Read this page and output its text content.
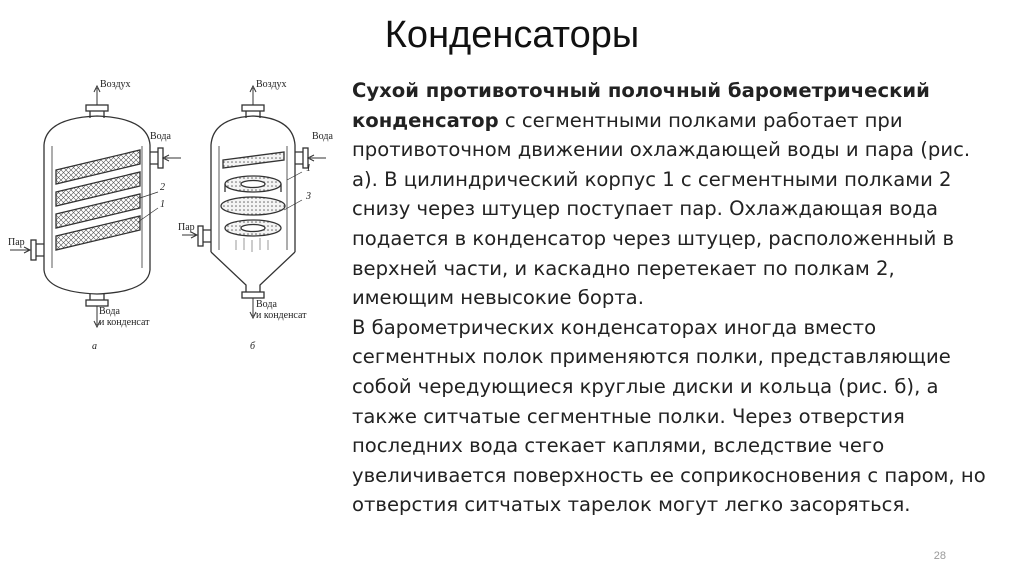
Конденсаторы
Воздух
Вода
2
1
Пар
Вода
и конденсат
а
Воздух
Вода
1
3
Пар
Вода
и конденсат
б

Сухой противоточный полочный барометрический конденсатор с сегментными полками работает при противоточном движении охлаждающей воды и пара (рис. а). В цилиндрический корпус 1 с сегментными полками 2 снизу через штуцер поступает пар. Охлаждающая вода подается в конденсатор через штуцер, расположенный в верхней части, и каскадно перетекает по полкам 2, имеющим невысокие борта.

В барометрических конденсаторах иногда вместо сегментных полок применяются полки, представляющие собой чередующиеся круглые диски и кольца (рис. б), а также ситчатые сегментные полки. Через отверстия последних вода стекает каплями, вследствие чего увеличивается поверхность ее соприкосновения с паром, но отверстия ситчатых тарелок могут легко засоряться.

28
